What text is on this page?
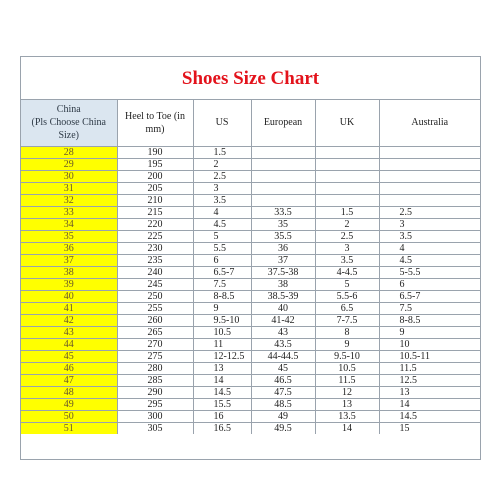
Shoes Size Chart
China
(Pls Choose China
Size)	Heel to Toe (in mm)	US	European	UK	Australia
28	190	1.5			
29	195	2			
30	200	2.5			
31	205	3			
32	210	3.5			
33	215	4	33.5	1.5	2.5
34	220	4.5	35	2	3
35	225	5	35.5	2.5	3.5
36	230	5.5	36	3	4
37	235	6	37	3.5	4.5
38	240	6.5-7	37.5-38	4-4.5	5-5.5
39	245	7.5	38	5	6
40	250	8-8.5	38.5-39	5.5-6	6.5-7
41	255	9	40	6.5	7.5
42	260	9.5-10	41-42	7-7.5	8-8.5
43	265	10.5	43	8	9
44	270	11	43.5	9	10
45	275	12-12.5	44-44.5	9.5-10	10.5-11
46	280	13	45	10.5	11.5
47	285	14	46.5	11.5	12.5
48	290	14.5	47.5	12	13
49	295	15.5	48.5	13	14
50	300	16	49	13.5	14.5
51	305	16.5	49.5	14	15
